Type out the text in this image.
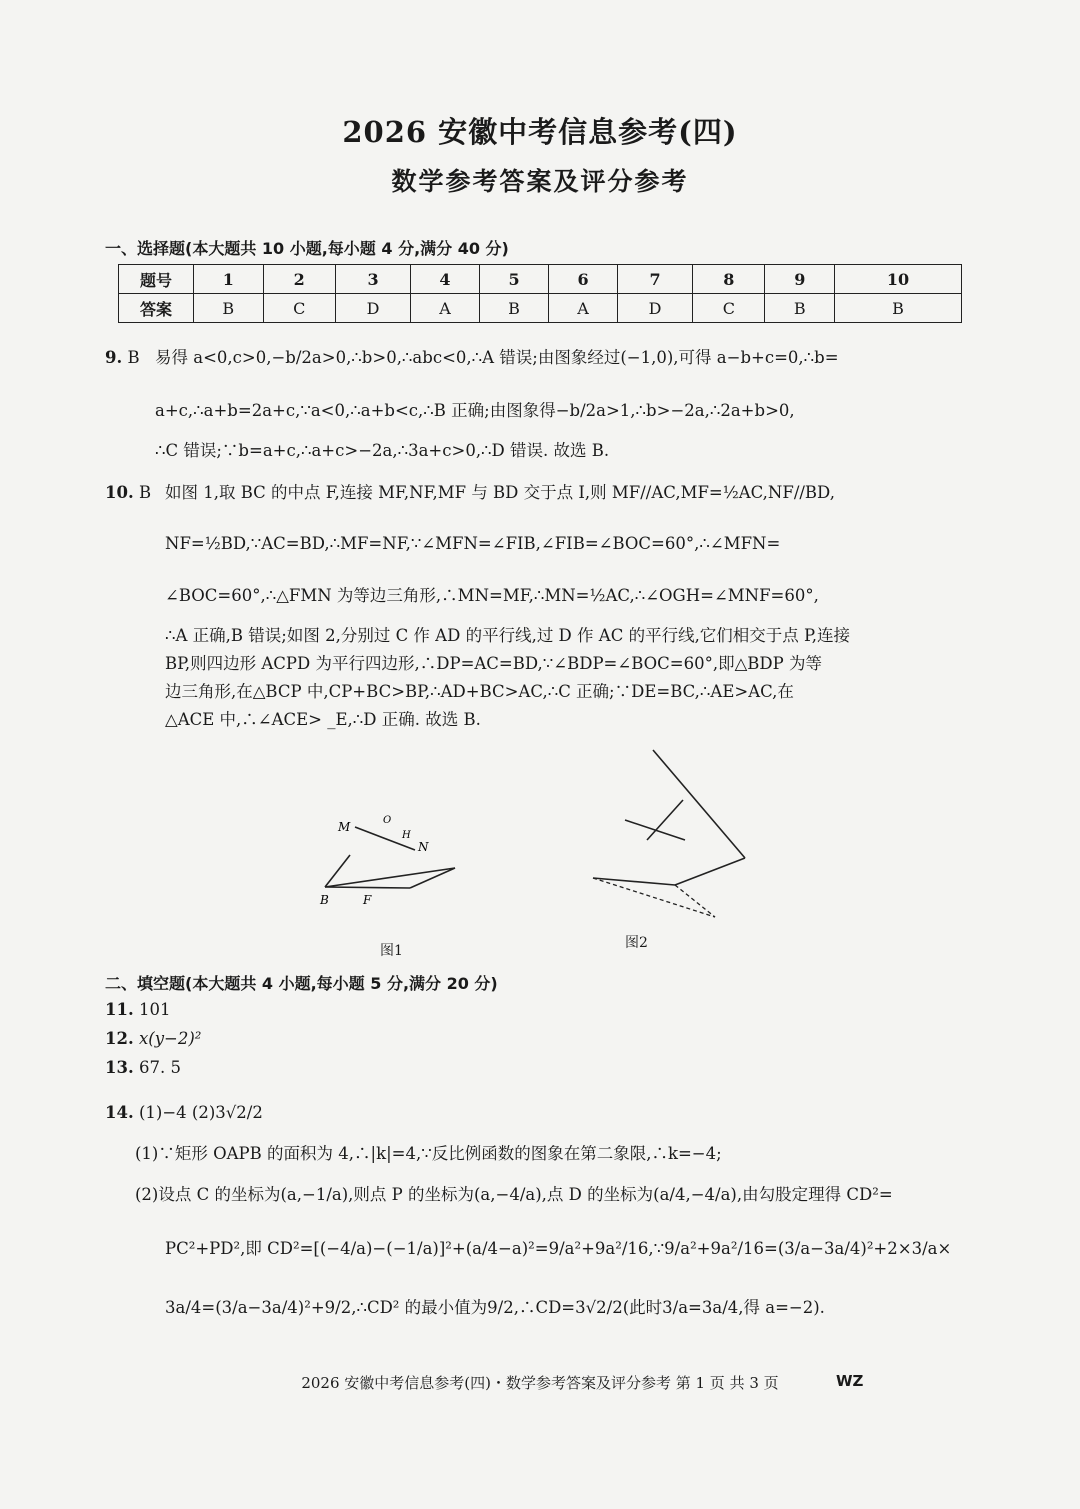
2026 安徽中考信息参考(四)
数学参考答案及评分参考
一、选择题(本大题共 10 小题,每小题 4 分,满分 40 分)
题号	1	2	3	4	5	6	7	8	9	10
答案	B	C	D	A	B	A	D	C	B	B
9. B 易得 a<0,c>0,−b/2a>0,∴b>0,∴abc<0,∴A 错误;由图象经过(−1,0),可得 a−b+c=0,∴b=
a+c,∴a+b=2a+c,∵a<0,∴a+b<c,∴B 正确;由图象得−b/2a>1,∴b>−2a,∴2a+b>0,
∴C 错误;∵b=a+c,∴a+c>−2a,∴3a+c>0,∴D 错误. 故选 B.
10. B 如图 1,取 BC 的中点 F,连接 MF,NF,MF 与 BD 交于点 I,则 MF//AC,MF=½AC,NF//BD,
NF=½BD,∵AC=BD,∴MF=NF,∵∠MFN=∠FIB,∠FIB=∠BOC=60°,∴∠MFN=
∠BOC=60°,∴△FMN 为等边三角形,∴MN=MF,∴MN=½AC,∴∠OGH=∠MNF=60°,
∴A 正确,B 错误;如图 2,分别过 C 作 AD 的平行线,过 D 作 AC 的平行线,它们相交于点 P,连接
BP,则四边形 ACPD 为平行四边形,∴DP=AC=BD,∵∠BDP=∠BOC=60°,即△BDP 为等
边三角形,在△BCP 中,CP+BC>BP,∴AD+BC>AC,∴C 正确;∵DE=BC,∴AE>AC,在
△ACE 中,∴∠ACE> _E,∴D 正确. 故选 B.
M	O
H
N
B	F
图1	图2
二、填空题(本大题共 4 小题,每小题 5 分,满分 20 分)
11. 101
12. x(y−2)²
13. 67. 5
14. (1)−4 (2)3√2/2
(1)∵矩形 OAPB 的面积为 4,∴|k|=4,∵反比例函数的图象在第二象限,∴k=−4;
(2)设点 C 的坐标为(a,−1/a),则点 P 的坐标为(a,−4/a),点 D 的坐标为(a/4,−4/a),由勾股定理得 CD²=
PC²+PD²,即 CD²=[(−4/a)−(−1/a)]²+(a/4−a)²=9/a²+9a²/16,∵9/a²+9a²/16=(3/a−3a/4)²+2×3/a×
3a/4=(3/a−3a/4)²+9/2,∴CD² 的最小值为9/2,∴CD=3√2/2(此时3/a=3a/4,得 a=−2).
2026 安徽中考信息参考(四)・数学参考答案及评分参考 第 1 页 共 3 页	WZ
